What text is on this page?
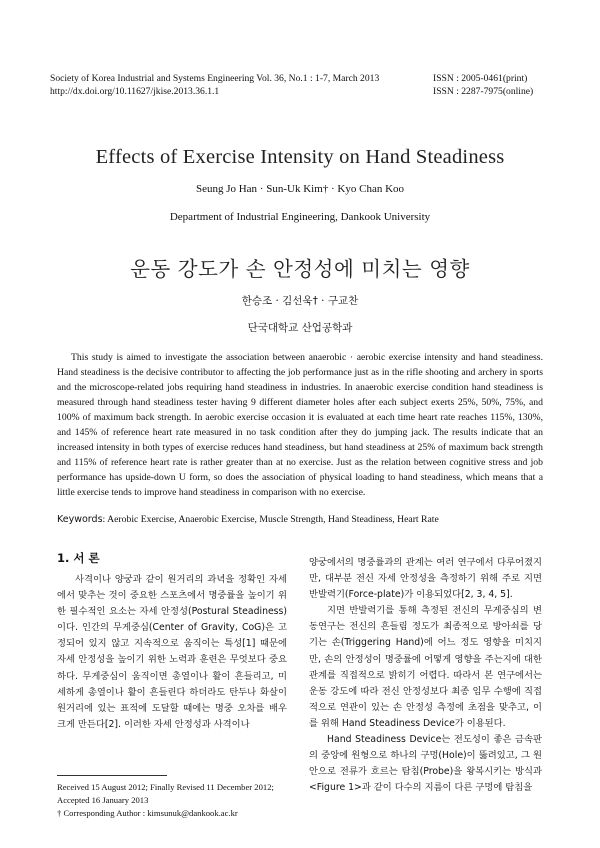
Society of Korea Industrial and Systems Engineering Vol. 36, No.1 : 1-7, March 2013
http://dx.doi.org/10.11627/jkise.2013.36.1.1
ISSN : 2005-0461(print)
ISSN : 2287-7975(online)
Effects of Exercise Intensity on Hand Steadiness
Seung Jo Han · Sun-Uk Kim† · Kyo Chan Koo
Department of Industrial Engineering, Dankook University
운동 강도가 손 안정성에 미치는 영향
한승조 · 김선욱† · 구교찬
단국대학교 산업공학과

This study is aimed to investigate the association between anaerobic · aerobic exercise intensity and hand steadiness. Hand steadiness is the decisive contributor to affecting the job performance just as in the rifle shooting and archery in sports and the microscope-related jobs requiring hand steadiness in industries. In anaerobic exercise condition hand steadiness is measured through hand steadiness tester having 9 different diameter holes after each subject exerts 25%, 50%, 75%, and 100% of maximum back strength. In aerobic exercise occasion it is evaluated at each time heart rate reaches 115%, 130%, and 145% of reference heart rate measured in no task condition after they do jumping jack. The results indicate that an increased intensity in both types of exercise reduces hand steadiness, but hand steadiness at 25% of maximum back strength and 115% of reference heart rate is rather greater than at no exercise. Just as the relation between cognitive stress and job performance has upside-down U form, so does the association of physical loading to hand steadiness, which means that a little exercise tends to improve hand steadiness in comparison with no exercise.

Keywords: Aerobic Exercise, Anaerobic Exercise, Muscle Strength, Hand Steadiness, Heart Rate
1. 서 론

사격이나 양궁과 같이 원거리의 과녁을 정확인 자세에서 맞추는 것이 중요한 스포츠에서 명중률을 높이기 위한 필수적인 요소는 자세 안정성(Postural Steadiness)이다. 인간의 무게중심(Center of Gravity, CoG)은 고정되어 있지 않고 지속적으로 움직이는 특성[1] 때문에 자세 안정성을 높이기 위한 노력과 훈련은 무엇보다 중요하다. 무게중심이 움직이면 총열이나 활이 흔들리고, 미세하게 총열이나 활이 흔들린다 하더라도 탄두나 화살이 원거리에 있는 표적에 도달할 때에는 명중 오차를 배우 크게 만든다[2]. 이러한 자세 안정성과 사격이나

양궁에서의 명중률과의 관계는 여러 연구에서 다루어졌지만, 대부분 전신 자세 안정성을 측정하기 위해 주로 지면 반발력기(Force-plate)가 이용되었다[2, 3, 4, 5].

지면 반발력기를 통해 측정된 전신의 무게중심의 변동연구는 전신의 흔들림 정도가 최종적으로 방아쇠를 당기는 손(Triggering Hand)에 어느 정도 영향을 미치지만, 손의 안정성이 명중률에 어떻게 영향을 주는지에 대한 관계를 직접적으로 밝히기 어렵다. 따라서 본 연구에서는 운동 강도에 따라 전신 안정성보다 최종 임무 수행에 직접적으로 연관이 있는 손 안정성 측정에 초점을 맞추고, 이를 위해 Hand Steadiness Device가 이용된다.

Hand Steadiness Device는 전도성이 좋은 금속판의 중앙에 원형으로 하나의 구멍(Hole)이 뚫려있고, 그 원 안으로 전류가 흐르는 탐침(Probe)을 왕복시키는 방식과 <Figure 1>과 같이 다수의 지름이 다른 구멍에 탐침을

Received 15 August 2012; Finally Revised 11 December 2012; Accepted 16 January 2013
† Corresponding Author : kimsunuk@dankook.ac.kr
